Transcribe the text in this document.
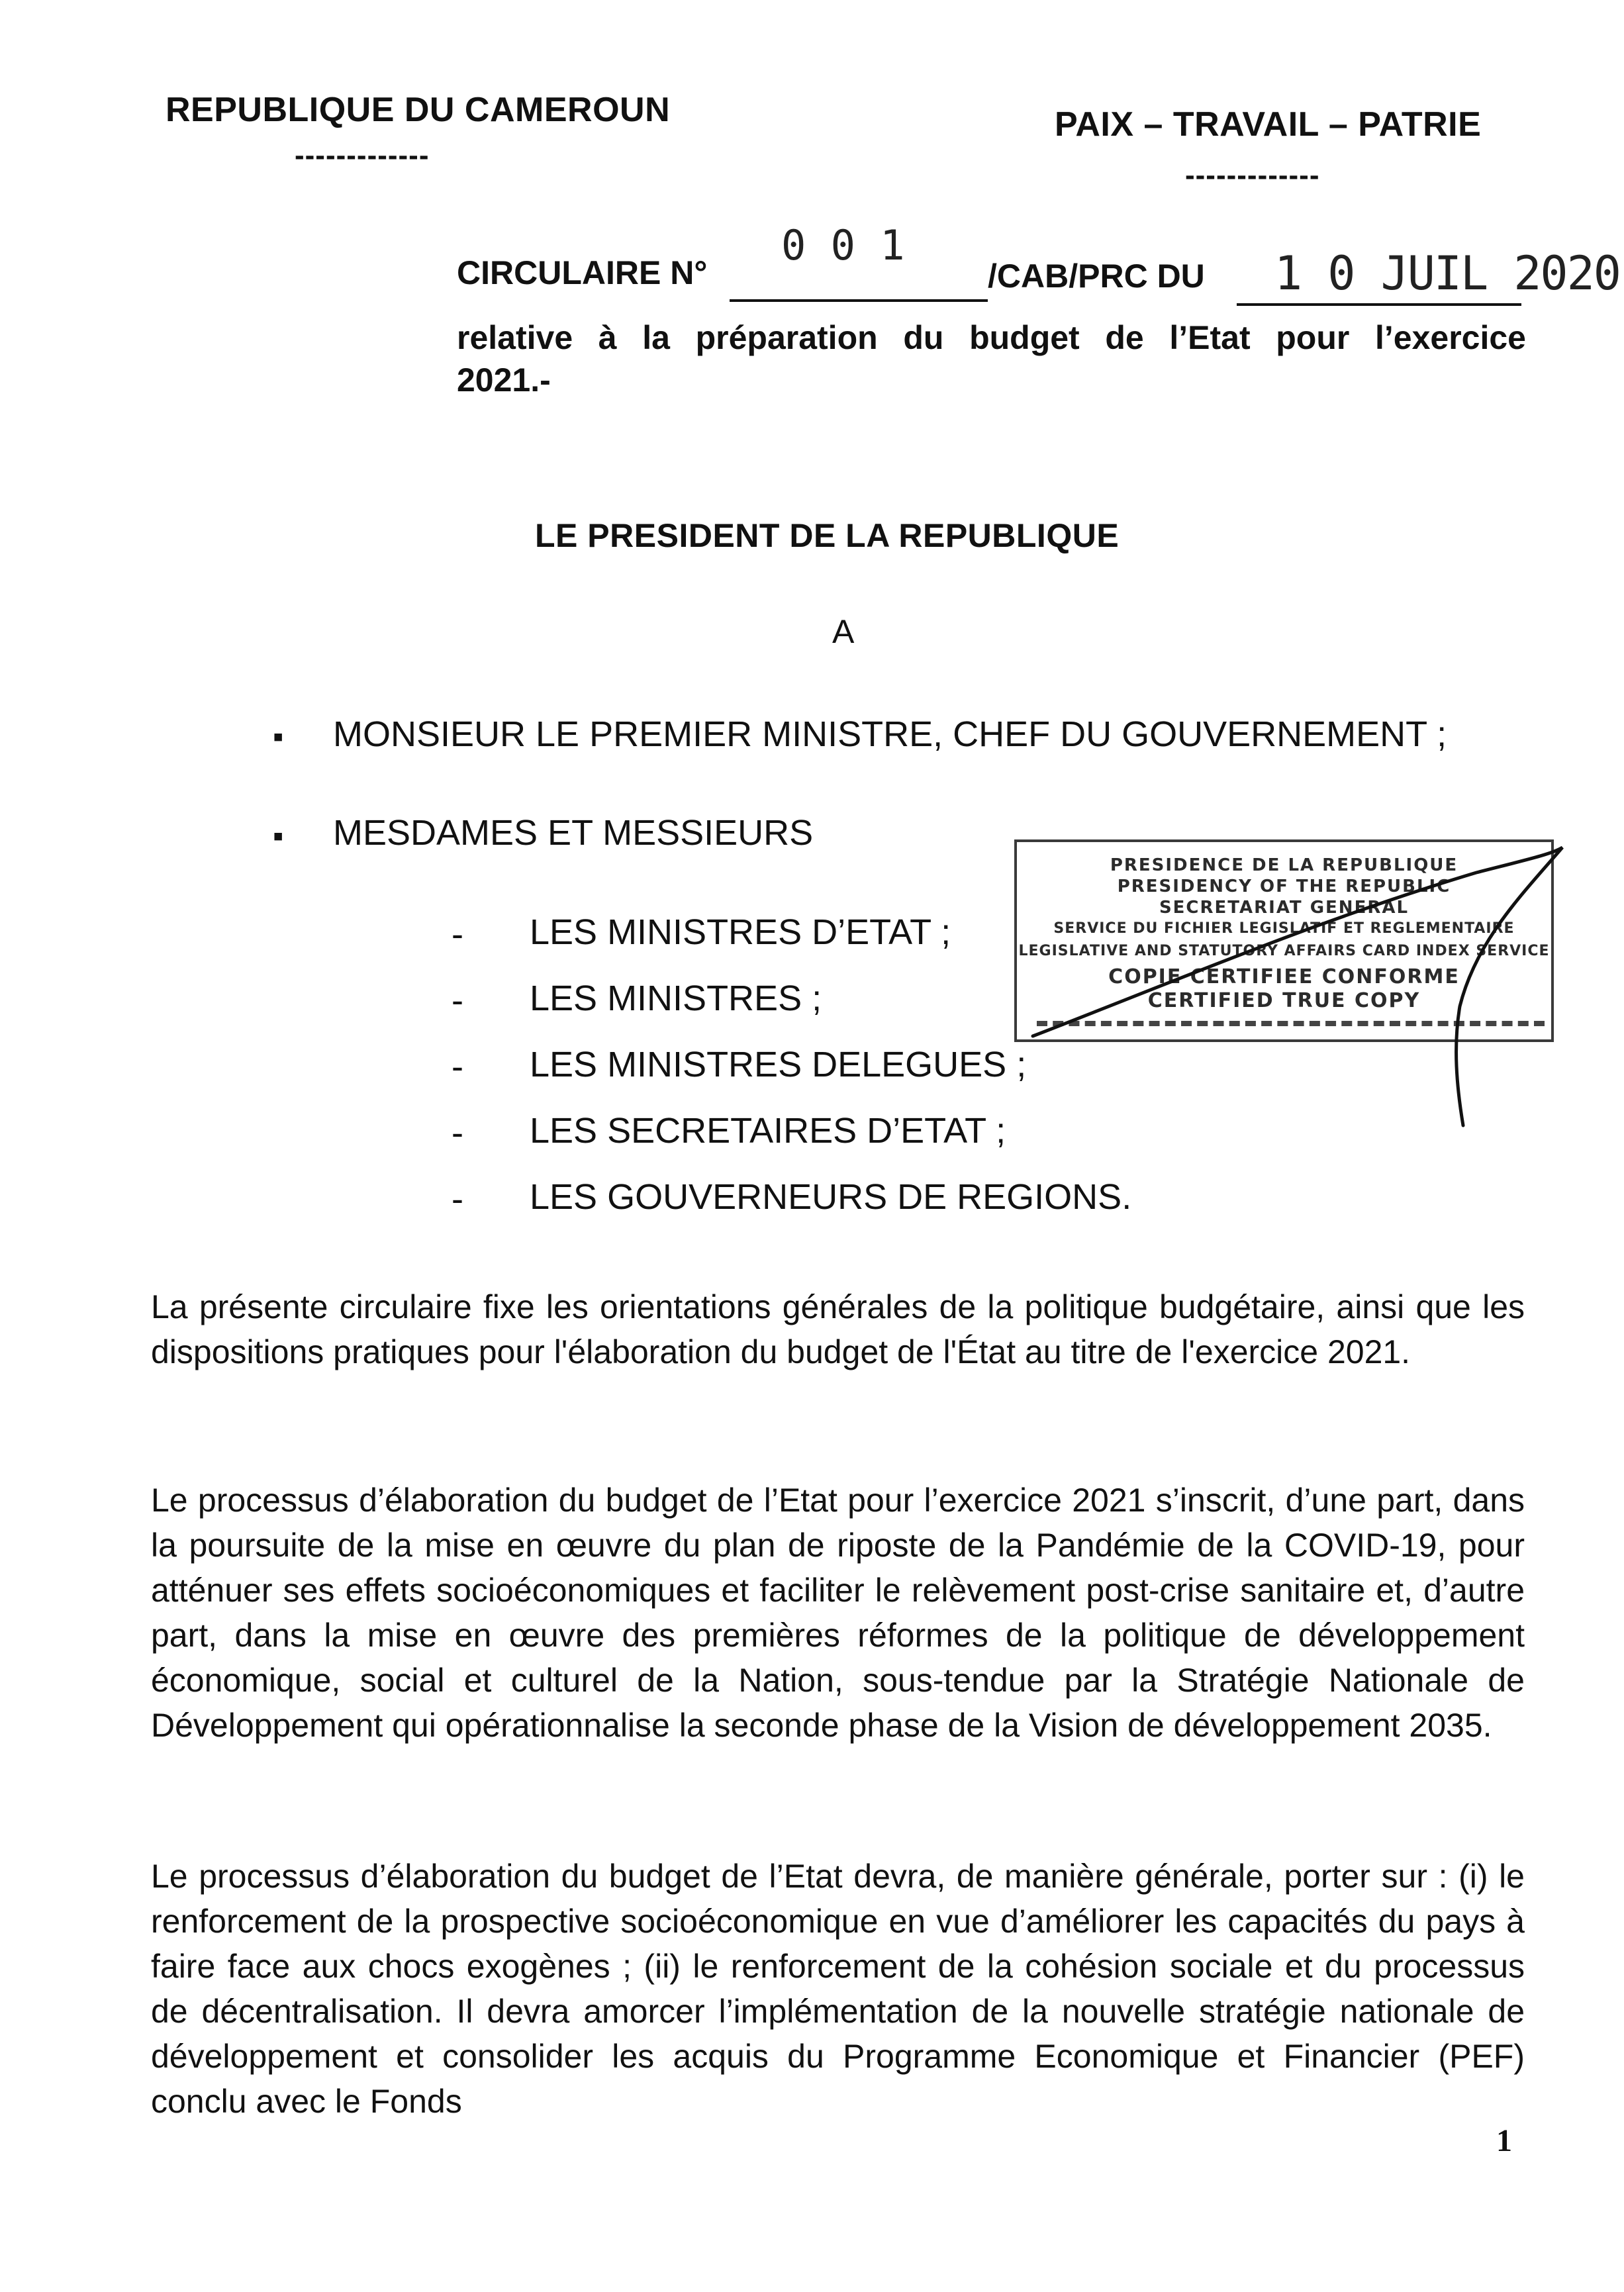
REPUBLIQUE DU CAMEROUN
-------------
PAIX – TRAVAIL – PATRIE
-------------
CIRCULAIRE N°
0 0 1
/CAB/PRC DU 1 0 JUIL 2020
relative à la préparation du budget de l’Etat pour l’exercice
2021.-
LE PRESIDENT DE LA REPUBLIQUE
A
▪ MONSIEUR LE PREMIER MINISTRE, CHEF DU GOUVERNEMENT ;
▪ MESDAMES ET MESSIEURS
- LES MINISTRES D’ETAT ;
- LES MINISTRES ;
- LES MINISTRES DELEGUES ;
- LES SECRETAIRES D’ETAT ;
- LES GOUVERNEURS DE REGIONS.
PRESIDENCE DE LA REPUBLIQUE
PRESIDENCY OF THE REPUBLIC
SECRETARIAT GENERAL
SERVICE DU FICHIER LEGISLATIF ET REGLEMENTAIRE
LEGISLATIVE AND STATUTORY AFFAIRS CARD INDEX SERVICE
COPIE CERTIFIEE CONFORME
CERTIFIED TRUE COPY
La présente circulaire fixe les orientations générales de la politique budgétaire, ainsi que les dispositions pratiques pour l'élaboration du budget de l'État au titre de l'exercice 2021.
Le processus d’élaboration du budget de l’Etat pour l’exercice 2021 s’inscrit, d’une part, dans la poursuite de la mise en œuvre du plan de riposte de la Pandémie de la COVID-19, pour atténuer ses effets socioéconomiques et faciliter le relèvement post-crise sanitaire et, d’autre part, dans la mise en œuvre des premières réformes de la politique de développement économique, social et culturel de la Nation, sous-tendue par la Stratégie Nationale de Développement qui opérationnalise la seconde phase de la Vision de développement 2035.
Le processus d’élaboration du budget de l’Etat devra, de manière générale, porter sur : (i) le renforcement de la prospective socioéconomique en vue d’améliorer les capacités du pays à faire face aux chocs exogènes ; (ii) le renforcement de la cohésion sociale et du processus de décentralisation. Il devra amorcer l’implémentation de la nouvelle stratégie nationale de développement et consolider les acquis du Programme Economique et Financier (PEF) conclu avec le Fonds
1
